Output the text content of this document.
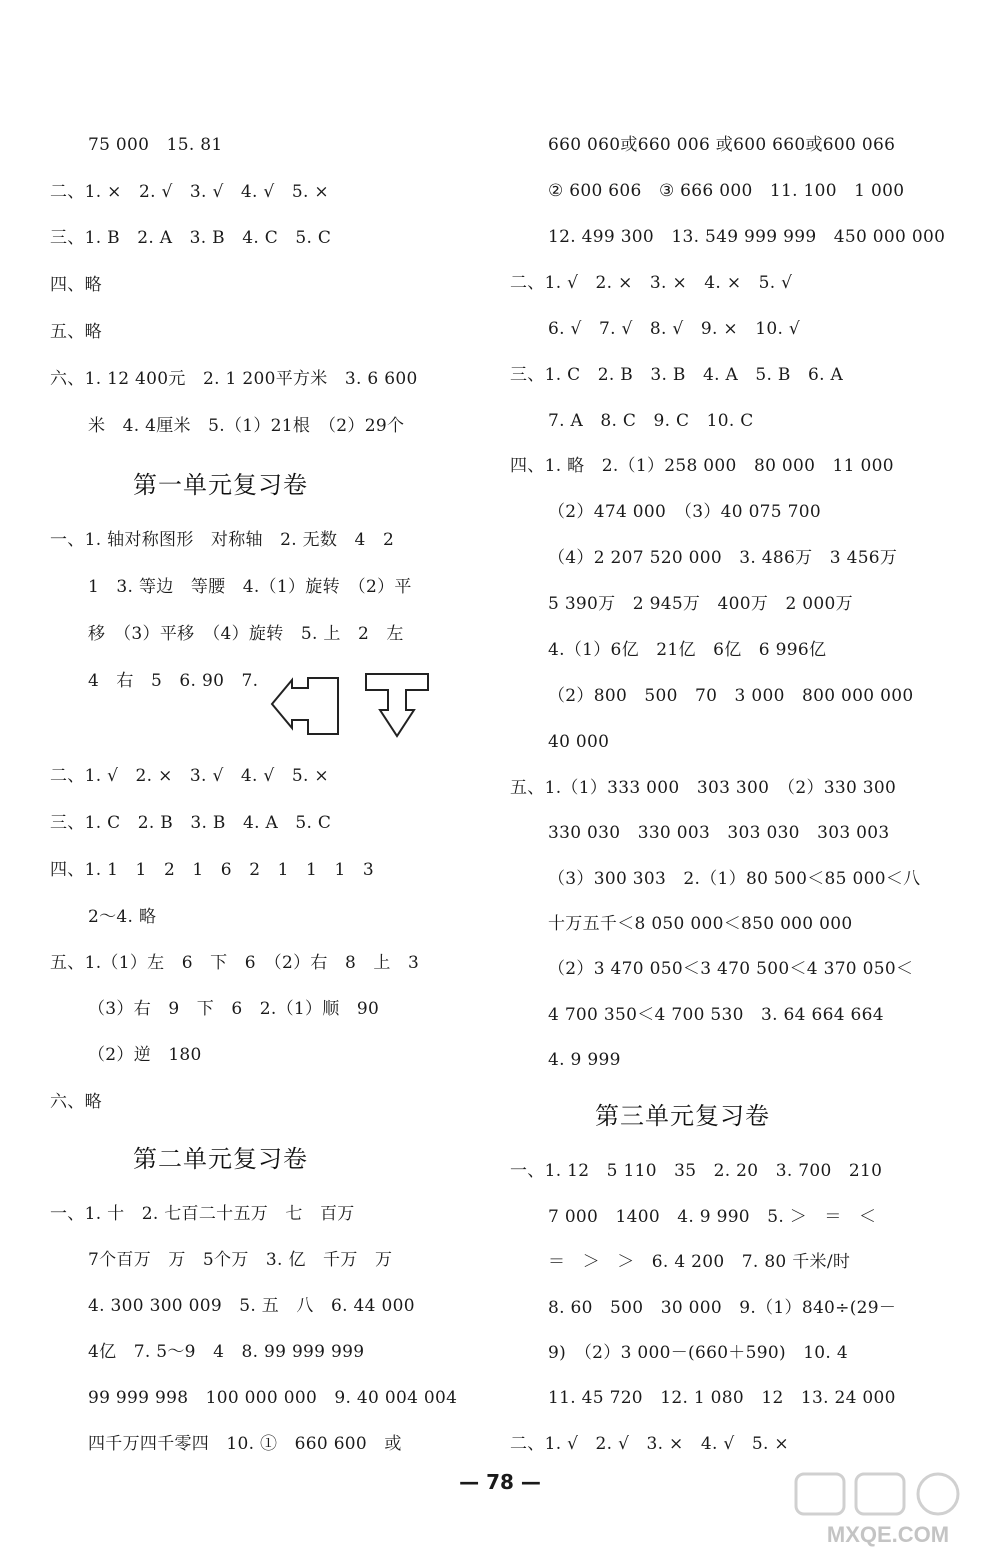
75 000　15. 81
二、1. ×　2. √　3. √　4. √　5. ×
三、1. B　2. A　3. B　4. C　5. C
四、略
五、略
六、1. 12 400元　2. 1 200平方米　3. 6 600
米　4. 4厘米　5.（1）21根　（2）29个
第一单元复习卷
一、1. 轴对称图形　对称轴　2. 无数　4　2
1　3. 等边　等腰　4.（1）旋转　（2）平
移　（3）平移　（4）旋转　5. 上　2　左
4　右　5　6. 90　7.
二、1. √　2. ×　3. √　4. √　5. ×
三、1. C　2. B　3. B　4. A　5. C
四、1. 1　1　2　1　6　2　1　1　1　3
2～4. 略
五、1.（1）左　6　下　6　（2）右　8　上　3
（3）右　9　下　6　2.（1）顺　90
（2）逆　180
六、略
第二单元复习卷
一、1. 十　2. 七百二十五万　七　百万
7个百万　万　5个万　3. 亿　千万　万
4. 300 300 009　5. 五　八　6. 44 000
4亿　7. 5～9　4　8. 99 999 999
99 999 998　100 000 000　9. 40 004 004
四千万四千零四　10. ①　660 600　或
660 060或660 006 或600 660或600 066
② 600 606　③ 666 000　11. 100　1 000
12. 499 300　13. 549 999 999　450 000 000
二、1. √　2. ×　3. ×　4. ×　5. √
6. √　7. √　8. √　9. ×　10. √
三、1. C　2. B　3. B　4. A　5. B　6. A
7. A　8. C　9. C　10. C
四、1. 略　2.（1）258 000　80 000　11 000
（2）474 000　（3）40 075 700
（4）2 207 520 000　3. 486万　3 456万
5 390万　2 945万　400万　2 000万
4.（1）6亿　21亿　6亿　6 996亿
（2）800　500　70　3 000　800 000 000
40 000
五、1.（1）333 000　303 300　（2）330 300
330 030　330 003　303 030　303 003
（3）300 303　2.（1）80 500＜85 000＜八
十万五千＜8 050 000＜850 000 000
（2）3 470 050＜3 470 500＜4 370 050＜
4 700 350＜4 700 530　3. 64 664 664
4. 9 999
第三单元复习卷
一、1. 12　5 110　35　2. 20　3. 700　210
7 000　1400　4. 9 990　5. ＞　＝　＜
＝　＞　＞　6. 4 200　7. 80 千米/时
8. 60　500　30 000　9.（1）840÷(29－
9)　（2）3 000－(660＋590)　10. 4
11. 45 720　12. 1 080　12　13. 24 000
二、1. √　2. √　3. ×　4. √　5. ×
— 78 —
MXQE.COM
